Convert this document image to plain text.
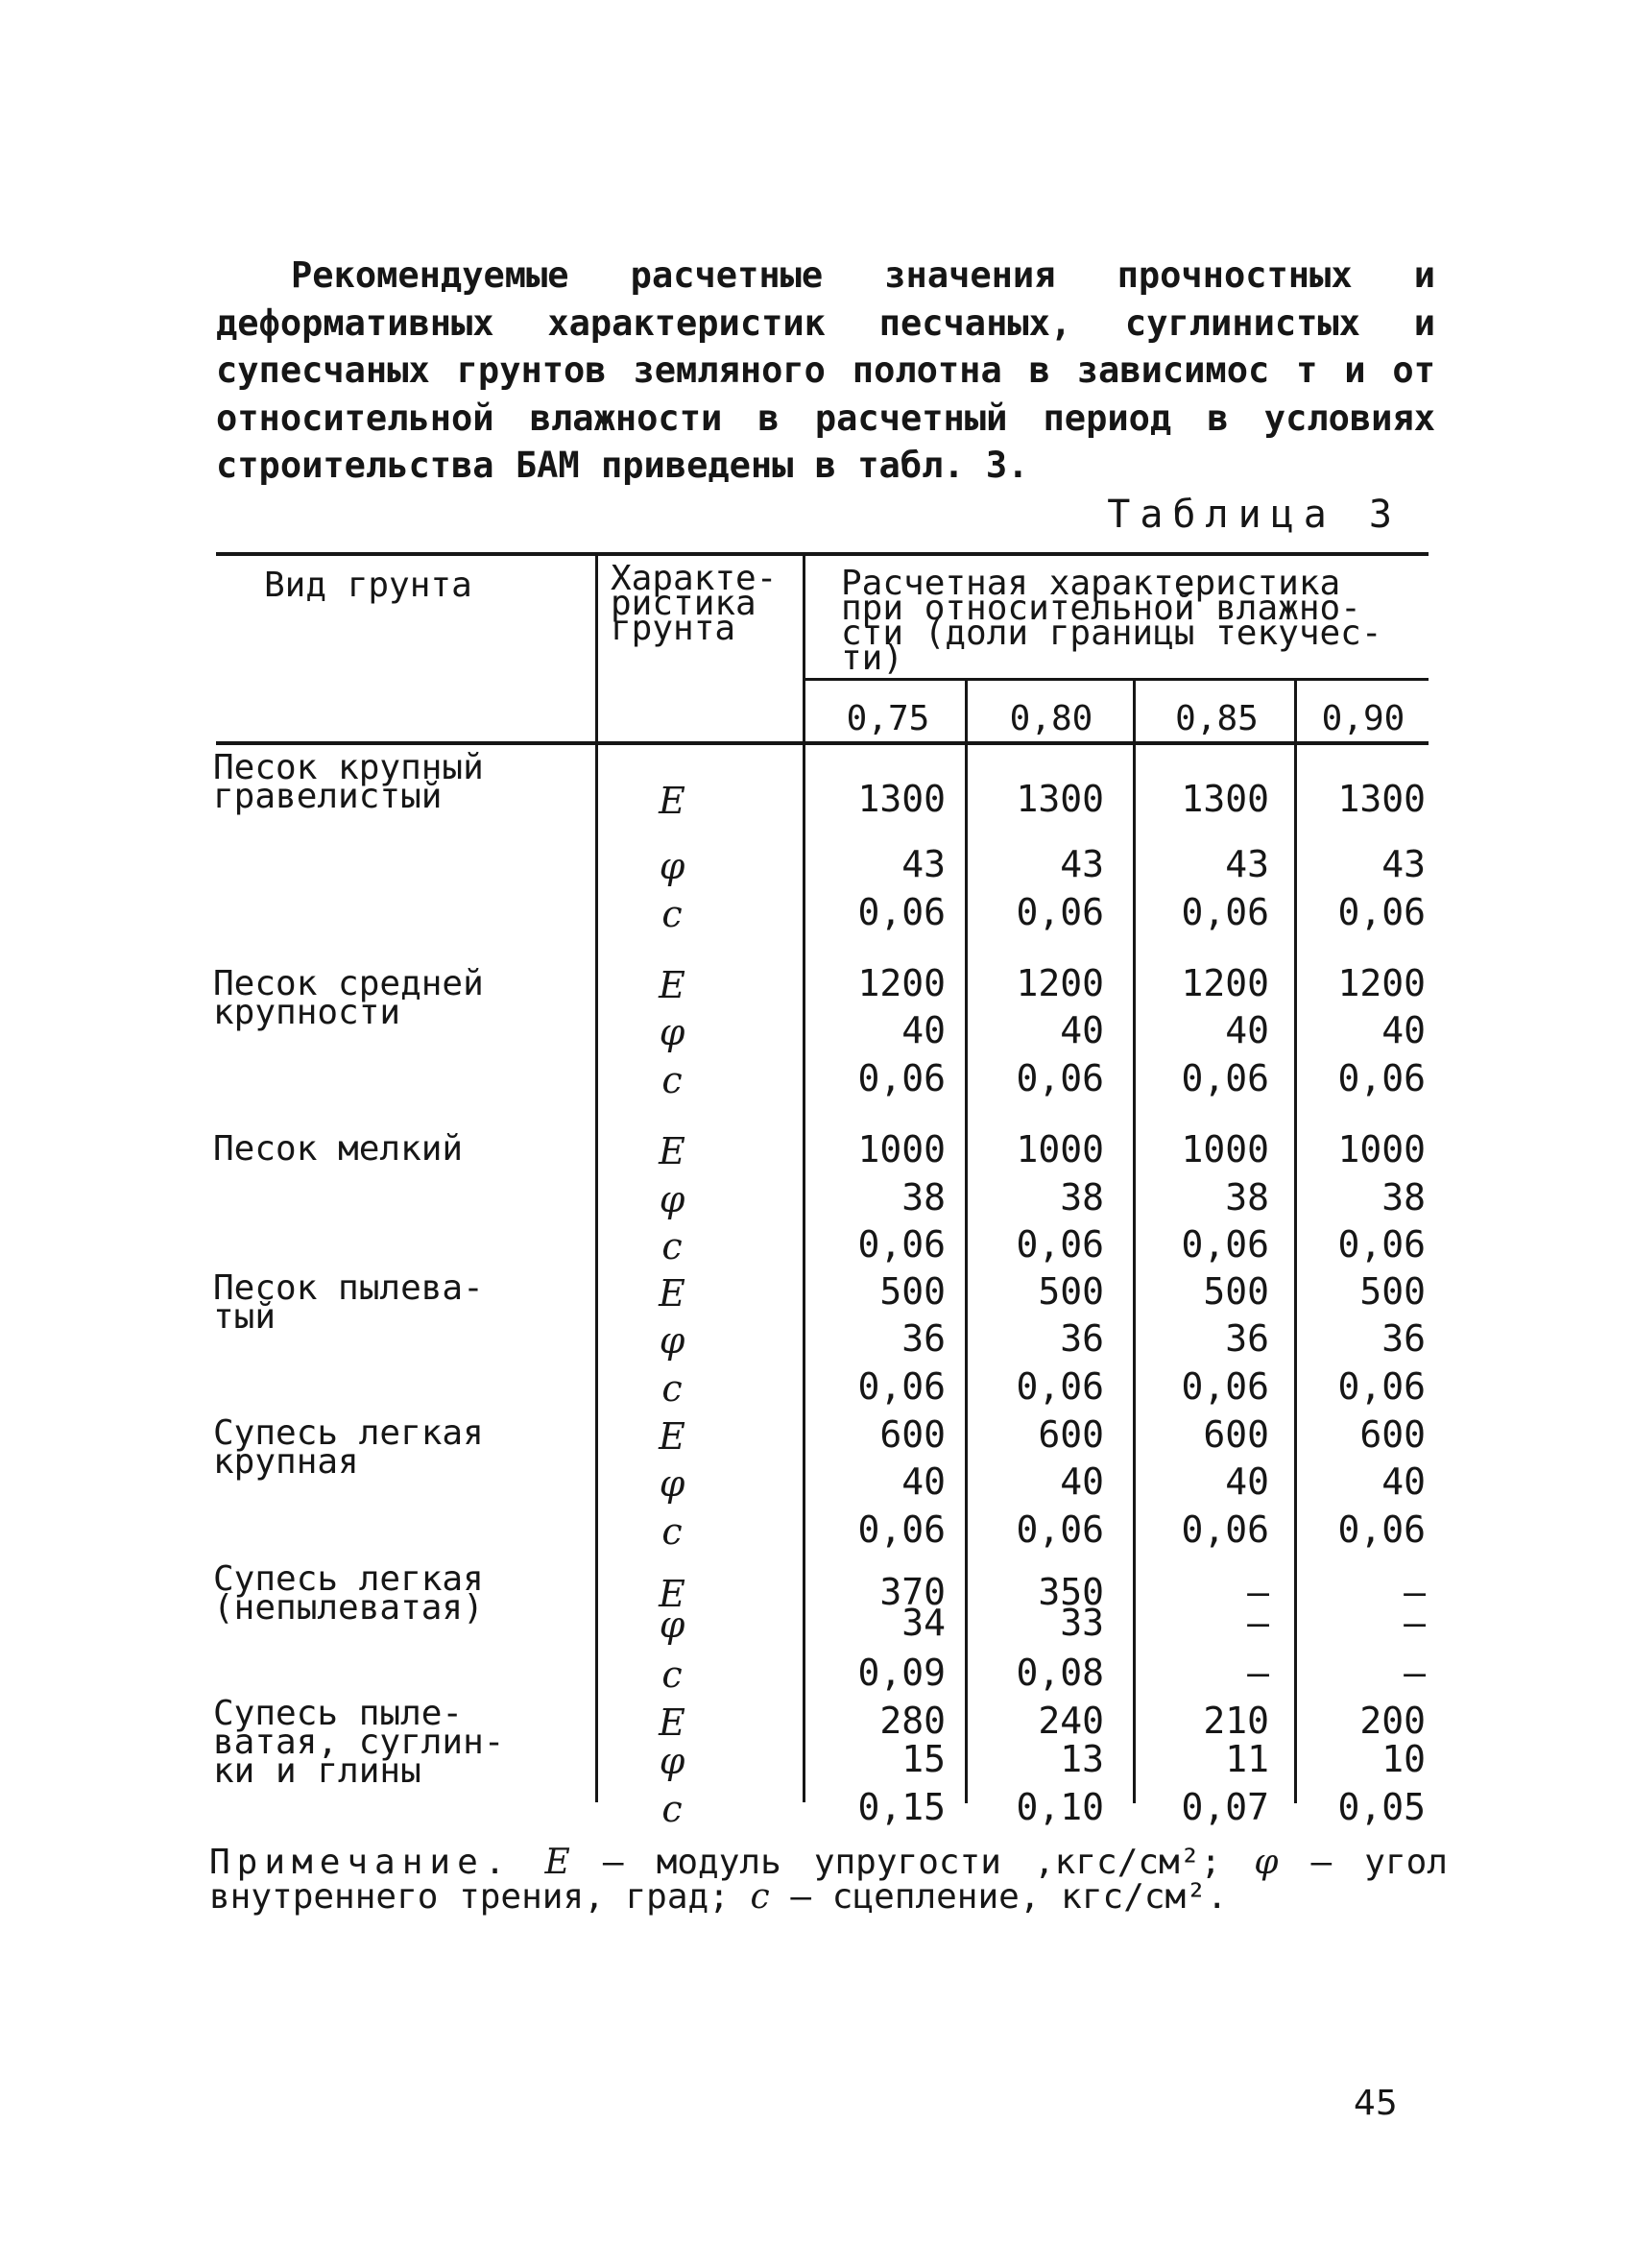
Рекомендуемые расчетные значения прочностных и деформативных характеристик песчаных, суглинистых и супесчаных грунтов земляного полотна в зависимос т и от относительной влажности в расчетный период в условиях строительства БАМ приведены в табл. 3.

Таблица 3
Вид грунта	Характе-
ристика
грунта
Расчетная характеристика
при относительной влажно-
сти (доли границы текучес-
ти)
0,75	0,80	0,85	0,90
Песок крупный
гравелистый	E	1300 1300 1300 1300
φ	43	43	43	43
c	0,06 0,06 0,06 0,06
Песок средней
крупности
E	1200 1200 1200 1200
φ	40	40	40	40
c	0,06 0,06 0,06 0,06
Песок мелкий	E	1000 1000 1000 1000
φ	38	38	38	38
c	0,06 0,06 0,06 0,06
Песок пылева-
тый
E	500	500	500 500
φ	36	36	36	36
c	0,06 0,06 0,06 0,06
Супесь легкая
крупная
E	600	600	600 600
φ	40	40	40	40
c	0,06 0,06 0,06 0,06
Супесь легкая
(непылеватая)	E	370	350	–	–
φ	34	33	–	–
c	0,09 0,08	–	–
Супесь пыле-
ватая, суглин-
ки и глины
E	280	240	210 200
φ	15	13	11	10
c	0,15 0,10 0,07 0,05
Примечание. E – модуль упругости ,кгс/см²; φ – угол внутреннего трения, град; c – сцепление, кгс/см².
45
